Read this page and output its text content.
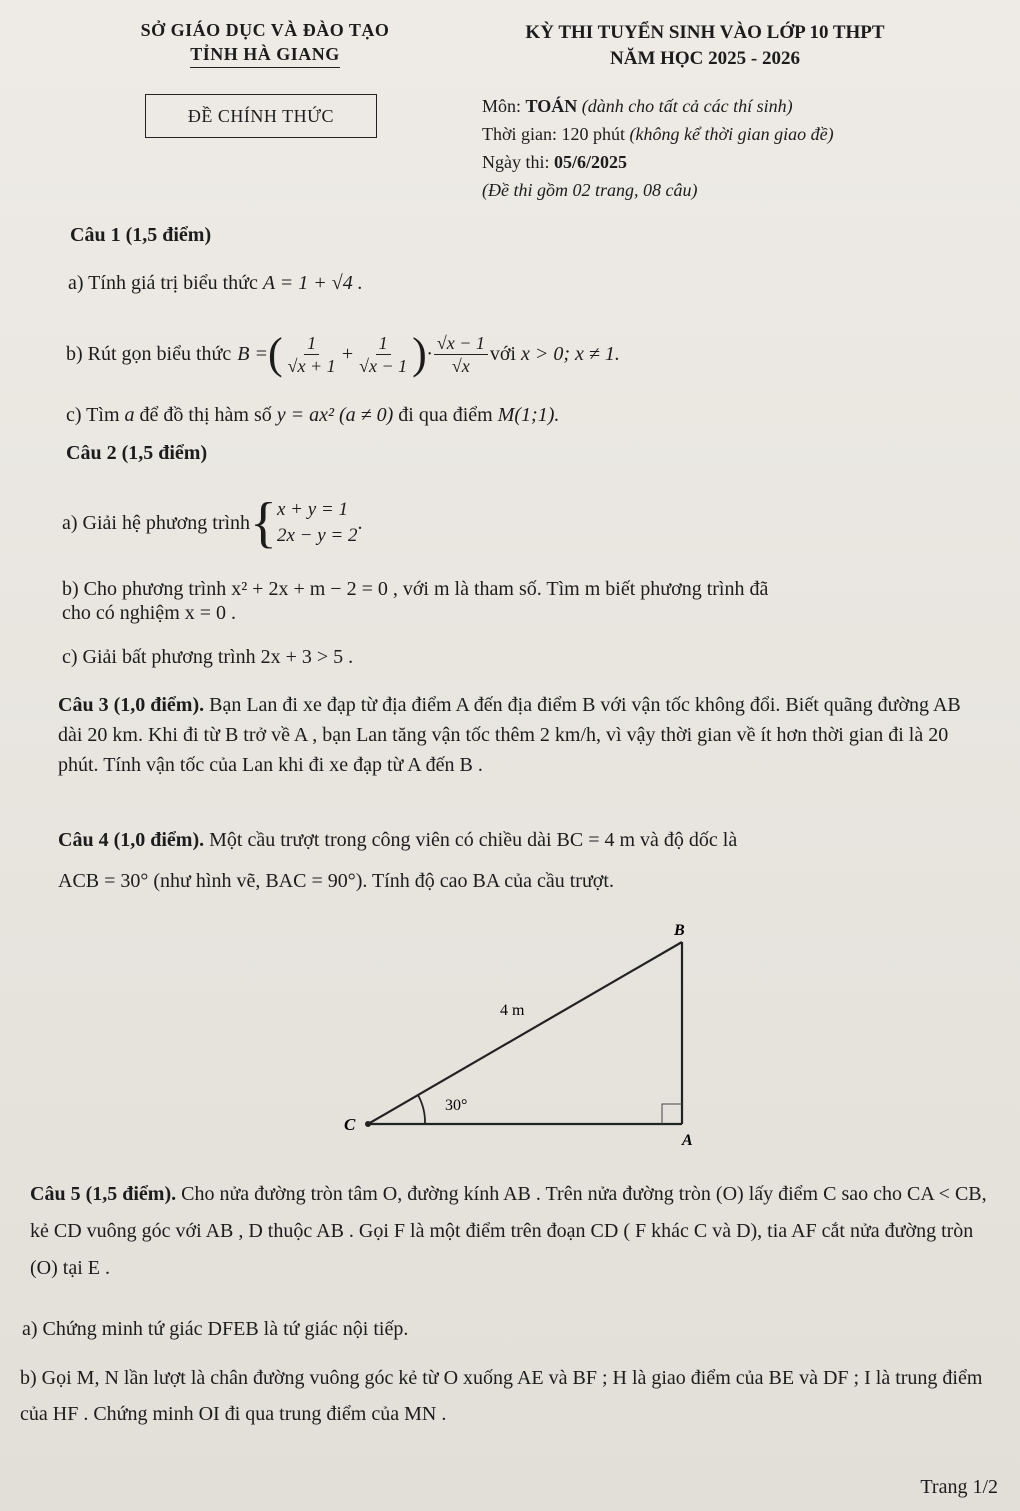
SỞ GIÁO DỤC VÀ ĐÀO TẠO
TỈNH HÀ GIANG
KỲ THI TUYỂN SINH VÀO LỚP 10 THPT
NĂM HỌC 2025 - 2026
ĐỀ CHÍNH THỨC	Môn: TOÁN (dành cho tất cả các thí sinh)
Thời gian: 120 phút (không kể thời gian giao đề)
Ngày thi: 05/6/2025
(Đề thi gồm 02 trang, 08 câu)
Câu 1 (1,5 điểm)
a) Tính giá trị biểu thức A = 1 + √4 .
b) Rút gọn biểu thức B = ( $\frac{1}{√x + 1} + \frac{1}{√x - 1}$ ) · $\frac{√x - 1}{√x}$ với
x > 0; x ≠ 1.
c) Tìm a để đồ thị hàm số y = ax² (a ≠ 0) đi qua điểm M(1;1).
Câu 2 (1,5 điểm)
a) Giải hệ phương trình { x + y = 1
2x − y = 2
.
b) Cho phương trình x² + 2x + m − 2 = 0 , với m là tham số. Tìm m biết phương trình đã
cho có nghiệm x = 0 .
c) Giải bất phương trình 2x + 3 > 5 .
Câu 3 (1,0 điểm). Bạn Lan đi xe đạp từ địa điểm A đến địa điểm B với vận tốc không đổi. Biết quãng đường AB dài 20 km. Khi đi từ B trở về A , bạn Lan tăng vận tốc thêm 2 km/h, vì vậy thời gian về ít hơn thời gian đi là 20 phút. Tính vận tốc của Lan khi đi xe đạp từ A đến B .
Câu 4 (1,0 điểm). Một cầu trượt trong công viên có chiều dài BC = 4 m và độ dốc là
ACB = 30° (như hình vẽ, BAC = 90°). Tính độ cao BA của cầu trượt.
B
C
A
4 m
30°
Câu 5 (1,5 điểm). Cho nửa đường tròn tâm O, đường kính AB . Trên nửa đường tròn (O) lấy điểm C sao cho CA < CB, kẻ CD vuông góc với AB , D thuộc AB . Gọi F là một điểm trên đoạn CD ( F khác C và D), tia AF cắt nửa đường tròn (O) tại E .
a) Chứng minh tứ giác DFEB là tứ giác nội tiếp.
b) Gọi M, N lần lượt là chân đường vuông góc kẻ từ O xuống AE và BF ; H là giao điểm của BE và DF ; I là trung điểm của HF . Chứng minh OI đi qua trung điểm của MN .
Trang 1/2
